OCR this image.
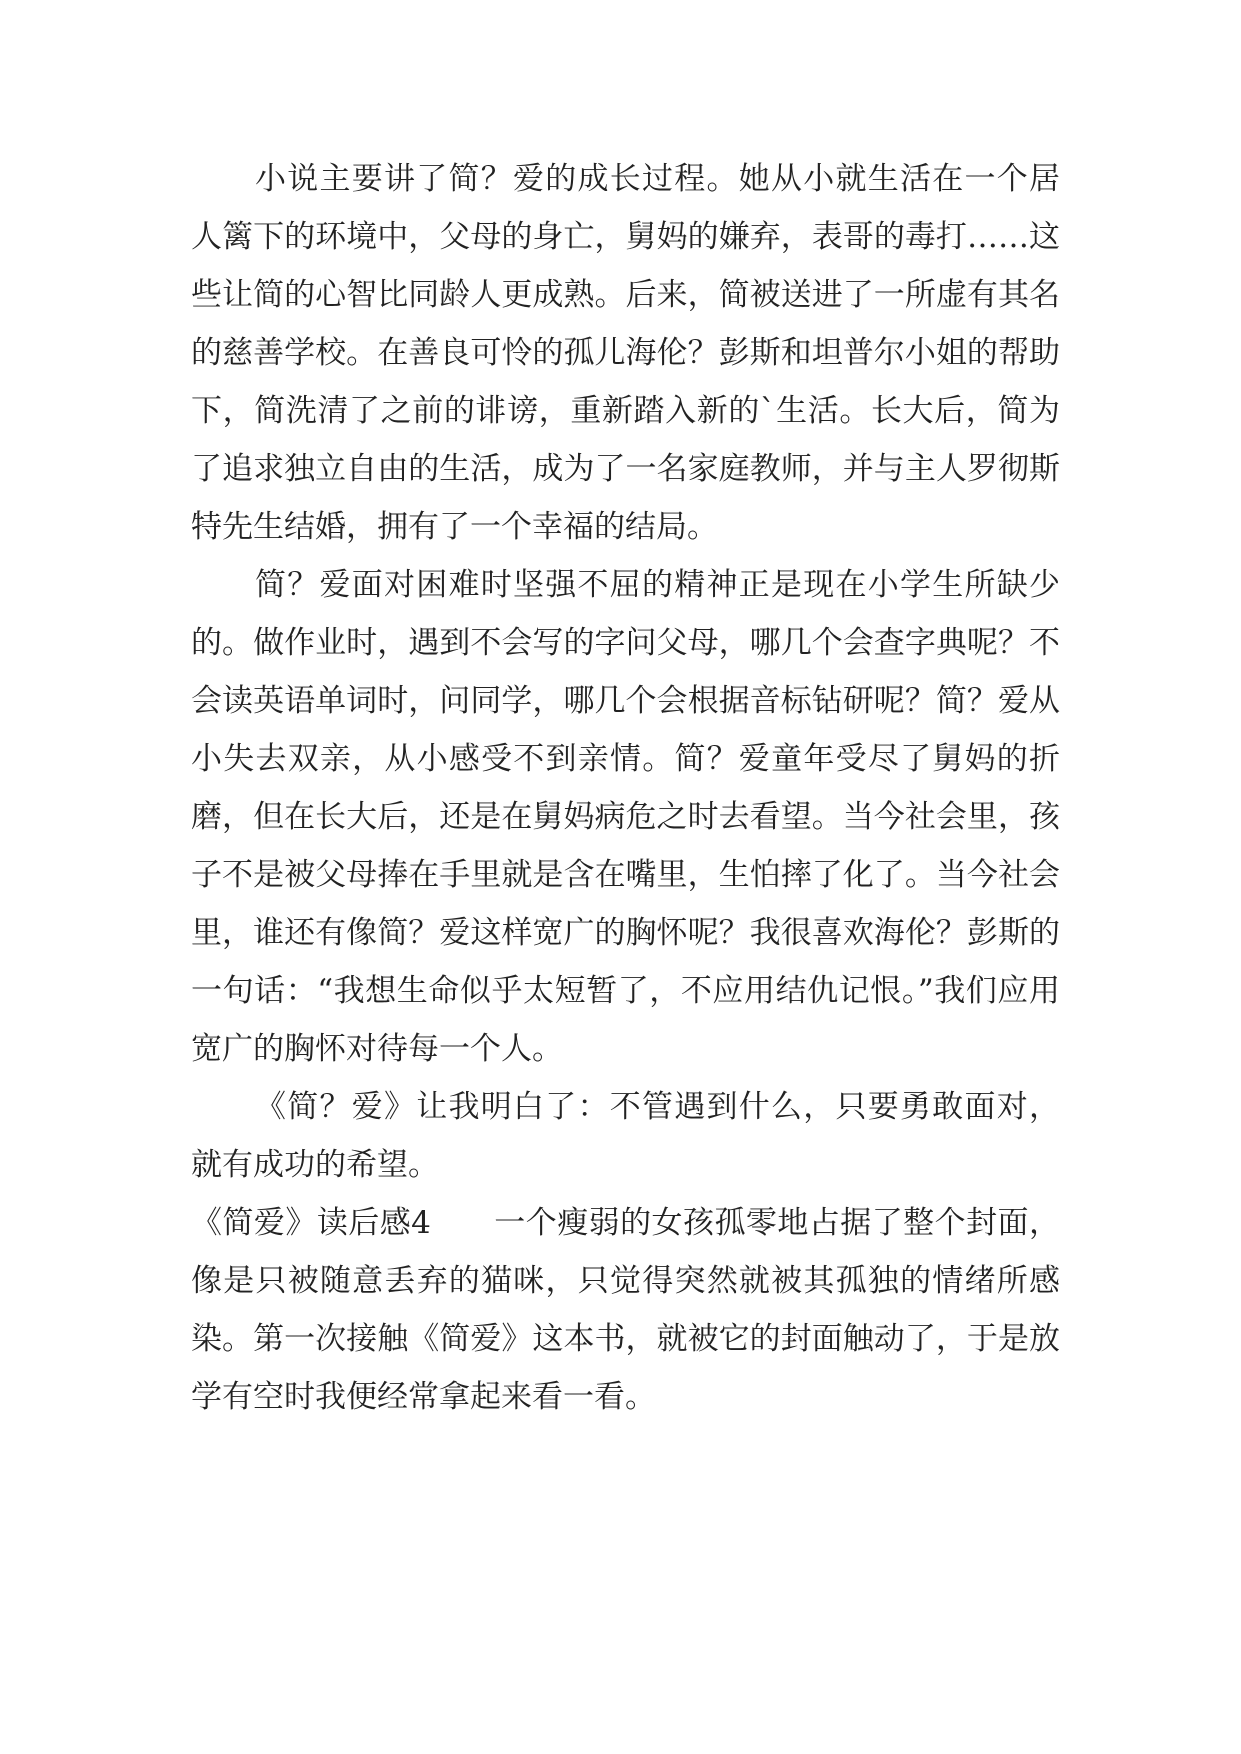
小说主要讲了简？爱的成长过程。她从小就生活在一个居人篱下的环境中，父母的身亡，舅妈的嫌弃，表哥的毒打……这些让简的心智比同龄人更成熟。后来，简被送进了一所虚有其名的慈善学校。在善良可怜的孤儿海伦？彭斯和坦普尔小姐的帮助下，简洗清了之前的诽谤，重新踏入新的`生活。长大后，简为了追求独立自由的生活，成为了一名家庭教师，并与主人罗彻斯特先生结婚，拥有了一个幸福的结局。

简？爱面对困难时坚强不屈的精神正是现在小学生所缺少的。做作业时，遇到不会写的字问父母，哪几个会查字典呢？不会读英语单词时，问同学，哪几个会根据音标钻研呢？简？爱从小失去双亲，从小感受不到亲情。简？爱童年受尽了舅妈的折磨，但在长大后，还是在舅妈病危之时去看望。当今社会里，孩子不是被父母捧在手里就是含在嘴里，生怕摔了化了。当今社会里，谁还有像简？爱这样宽广的胸怀呢？我很喜欢海伦？彭斯的一句话：“我想生命似乎太短暂了，不应用结仇记恨。”我们应用宽广的胸怀对待每一个人。

《简？爱》让我明白了：不管遇到什么，只要勇敢面对，就有成功的希望。

《简爱》读后感4　　 一个瘦弱的女孩孤零地占据了整个封面，像是只被随意丢弃的猫咪，只觉得突然就被其孤独的情绪所感染。第一次接触《简爱》这本书，就被它的封面触动了，于是放学有空时我便经常拿起来看一看。
